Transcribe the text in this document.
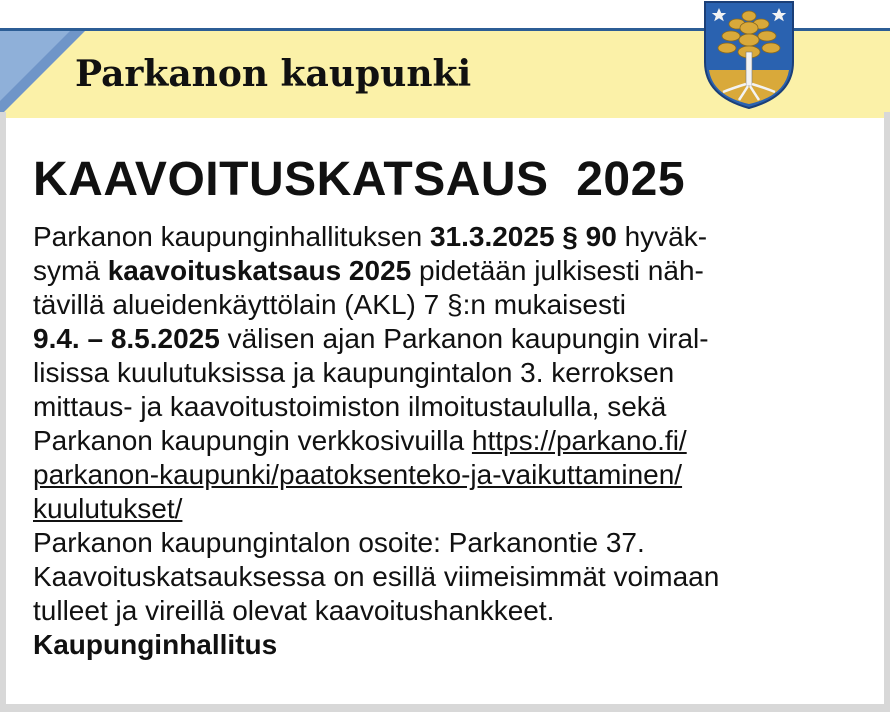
Parkanon kaupunki
KAAVOITUSKATSAUS  2025
Parkanon kaupunginhallituksen 31.3.2025 § 90 hyväk-
symä kaavoituskatsaus 2025 pidetään julkisesti näh-
tävillä alueidenkäyttölain (AKL) 7 §:n mukaisesti
9.4. – 8.5.2025 välisen ajan Parkanon kaupungin viral-
lisissa kuulutuksissa ja kaupungintalon 3. kerroksen
mittaus- ja kaavoitustoimiston ilmoitustaululla, sekä
Parkanon kaupungin verkkosivuilla https://parkano.fi/
parkanon-kaupunki/paatoksenteko-ja-vaikuttaminen/
kuulutukset/
Parkanon kaupungintalon osoite: Parkanontie 37.
Kaavoituskatsauksessa on esillä viimeisimmät voimaan
tulleet ja vireillä olevat kaavoitushankkeet.
Kaupunginhallitus
